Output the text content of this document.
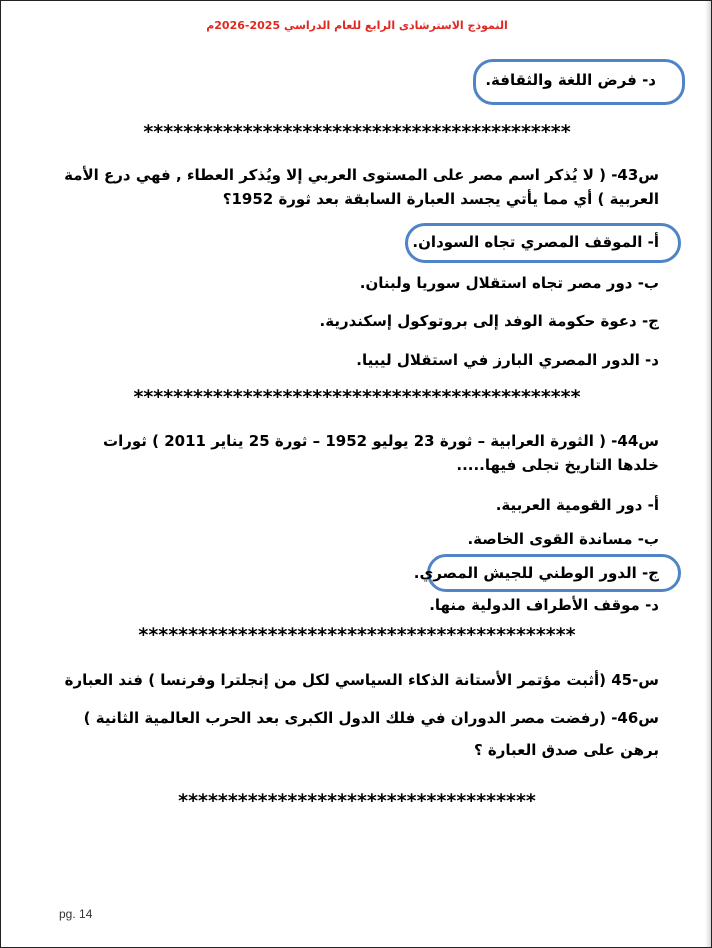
النموذج الاسترشادى الرابع للعام الدراسي 2025-2026م
د- فرض اللغة والثقافة.
*******************************************
س43- ( لا يُذكر اسم مصر على المستوى العربي إلا ويُذكر العطاء , فهي درع الأمة
العربية ) أي مما يأتي يجسد العبارة السابقة بعد ثورة 1952؟
أ- الموقف المصري تجاه السودان.
ب- دور مصر تجاه استقلال سوريا ولبنان.
ج- دعوة حكومة الوفد إلى بروتوكول إسكندرية.
د- الدور المصري البارز في استقلال ليبيا.
*********************************************
س44- ( الثورة العرابية – ثورة 23 يوليو 1952 – ثورة 25 يناير 2011 ) ثورات
خلدها التاريخ تجلى فيها.....
أ- دور القومية العربية.
ب- مساندة القوى الخاصة.
ج- الدور الوطني للجيش المصري.
د- موقف الأطراف الدولية منها.
********************************************
س-45 (أثبت مؤتمر الأستانة الذكاء السياسي لكل من إنجلترا وفرنسا ) فند العبارة
س46- (رفضت مصر الدوران في فلك الدول الكبرى بعد الحرب العالمية الثانية )
برهن على صدق العبارة ؟
************************************
pg. 14
